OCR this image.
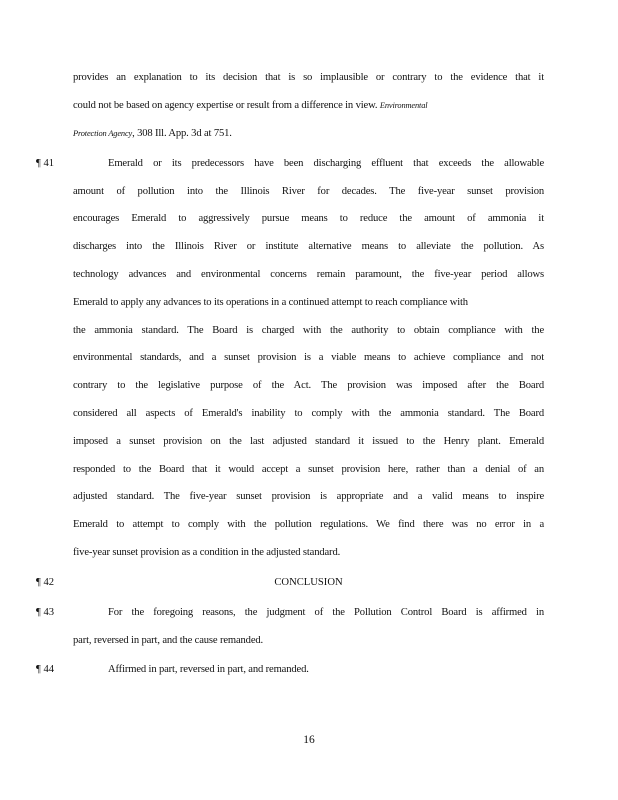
provides an explanation to its decision that is so implausible or contrary to the evidence that it
could not be based on agency expertise or result from a difference in view. Environmental
Protection Agency, 308 Ill. App. 3d at 751.
¶ 41	Emerald or its predecessors have been discharging effluent that exceeds the allowable
amount of pollution into the Illinois River for decades. The five-year sunset provision
encourages Emerald to aggressively pursue means to reduce the amount of ammonia it
discharges into the Illinois River or institute alternative means to alleviate the pollution. As
technology advances and environmental concerns remain paramount, the five-year period allows
Emerald to apply any advances to its operations in a continued attempt to reach compliance with
the ammonia standard. The Board is charged with the authority to obtain compliance with the
environmental standards, and a sunset provision is a viable means to achieve compliance and not
contrary to the legislative purpose of the Act. The provision was imposed after the Board
considered all aspects of Emerald's inability to comply with the ammonia standard. The Board
imposed a sunset provision on the last adjusted standard it issued to the Henry plant. Emerald
responded to the Board that it would accept a sunset provision here, rather than a denial of an
adjusted standard. The five-year sunset provision is appropriate and a valid means to inspire
Emerald to attempt to comply with the pollution regulations. We find there was no error in a
five-year sunset provision as a condition in the adjusted standard.
¶ 42	CONCLUSION
¶ 43	For the foregoing reasons, the judgment of the Pollution Control Board is affirmed in
part, reversed in part, and the cause remanded.
¶ 44	Affirmed in part, reversed in part, and remanded.
16
